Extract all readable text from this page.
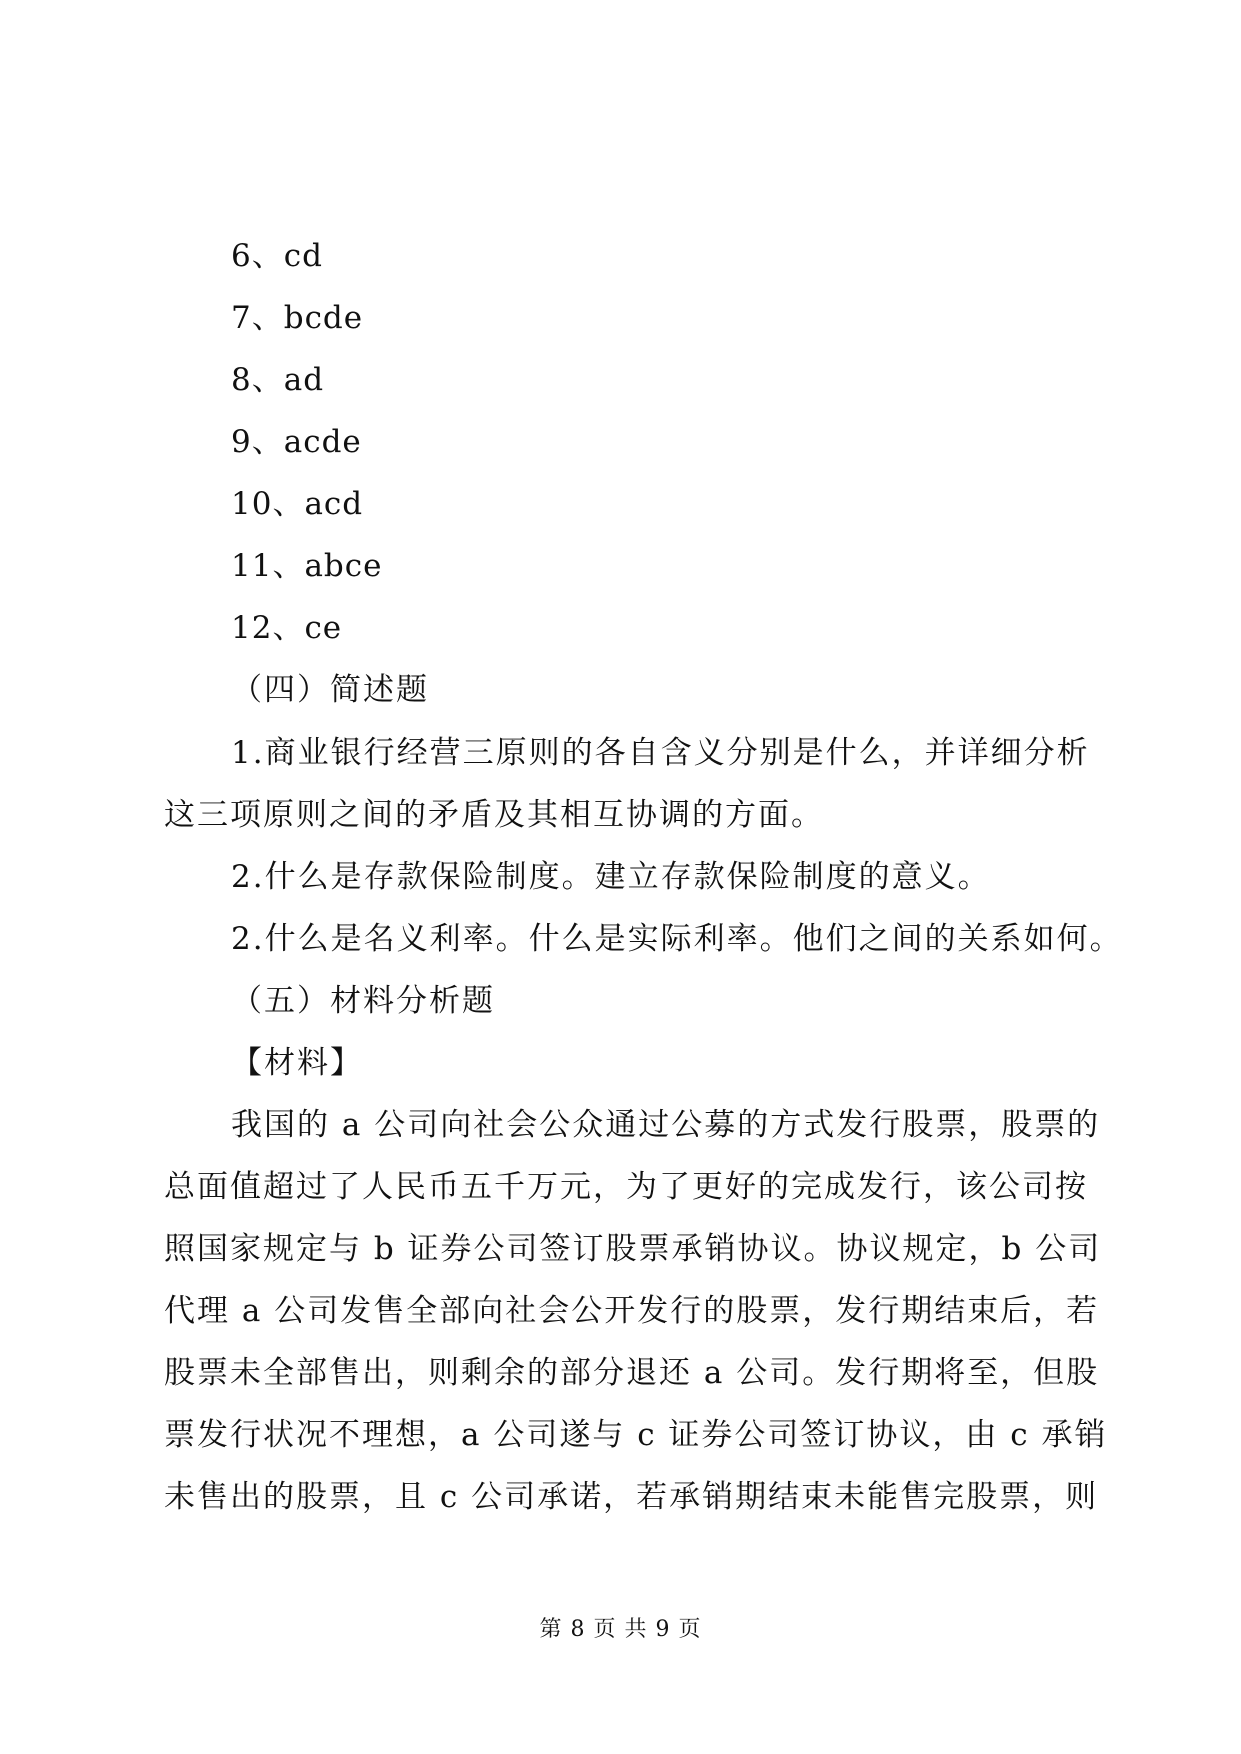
6、cd
7、bcde
8、ad
9、acde
10、acd
11、abce
12、ce
（四）简述题
1.商业银行经营三原则的各自含义分别是什么，并详细分析
这三项原则之间的矛盾及其相互协调的方面。
2.什么是存款保险制度。建立存款保险制度的意义。
2.什么是名义利率。什么是实际利率。他们之间的关系如何。
（五）材料分析题
【材料】
我国的 a 公司向社会公众通过公募的方式发行股票，股票的
总面值超过了人民币五千万元，为了更好的完成发行，该公司按
照国家规定与 b 证券公司签订股票承销协议。协议规定，b 公司
代理 a 公司发售全部向社会公开发行的股票，发行期结束后，若
股票未全部售出，则剩余的部分退还 a 公司。发行期将至，但股
票发行状况不理想，a 公司遂与 c 证券公司签订协议，由 c 承销
未售出的股票，且 c 公司承诺，若承销期结束未能售完股票，则
第 8 页 共 9 页
